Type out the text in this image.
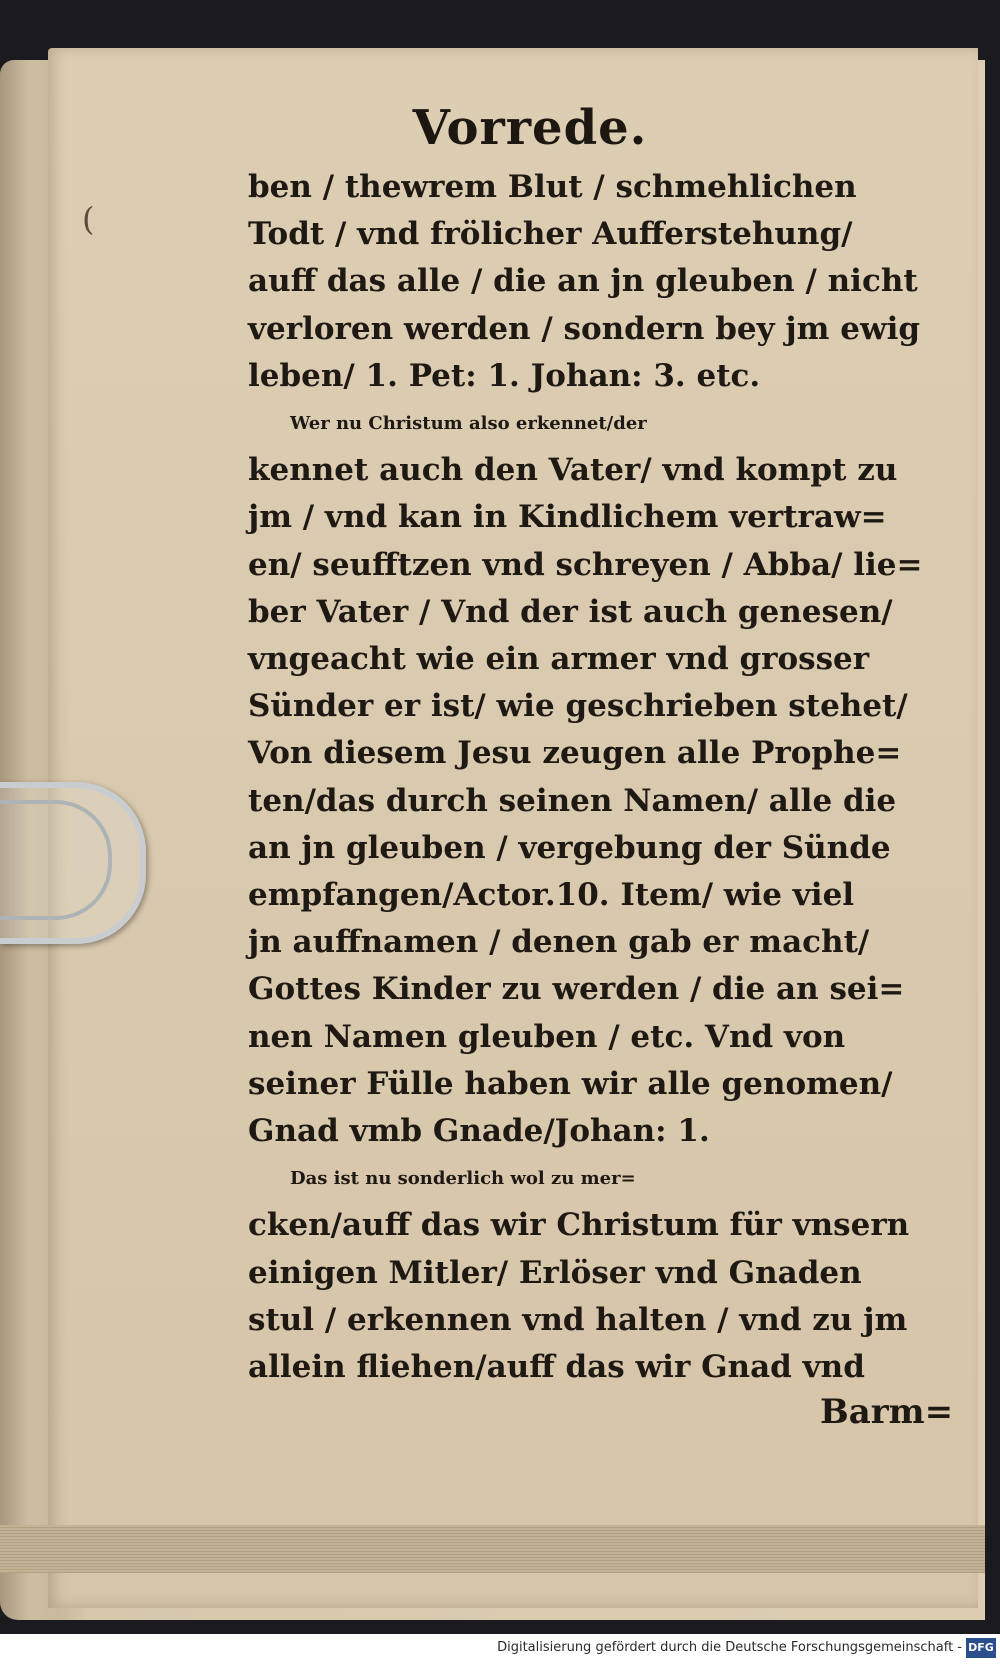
(
Vorrede.
ben / thewrem Blut / schmehlichen
Todt / vnd frölicher Aufferstehung/
auff das alle / die an jn gleuben / nicht
verloren werden / sondern bey jm ewig
leben/ 1. Pet: 1. Johan: 3. etc.
Wer nu Christum also erkennet/der
kennet auch den Vater/ vnd kompt zu
jm / vnd kan in Kindlichem vertraw=
en/ seufftzen vnd schreyen / Abba/ lie=
ber Vater / Vnd der ist auch genesen/
vngeacht wie ein armer vnd grosser
Sünder er ist/ wie geschrieben stehet/
Von diesem Jesu zeugen alle Prophe=
ten/das durch seinen Namen/ alle die
an jn gleuben / vergebung der Sünde
empfangen/Actor.10. Item/ wie viel
jn auffnamen / denen gab er macht/
Gottes Kinder zu werden / die an sei=
nen Namen gleuben / etc. Vnd von
seiner Fülle haben wir alle genomen/
Gnad vmb Gnade/Johan: 1.
Das ist nu sonderlich wol zu mer=
cken/auff das wir Christum für vnsern
einigen Mitler/ Erlöser vnd Gnaden
stul / erkennen vnd halten / vnd zu jm
allein fliehen/auff das wir Gnad vnd
Barm=
Digitalisierung gefördert durch die Deutsche Forschungsgemeinschaft - DFG
